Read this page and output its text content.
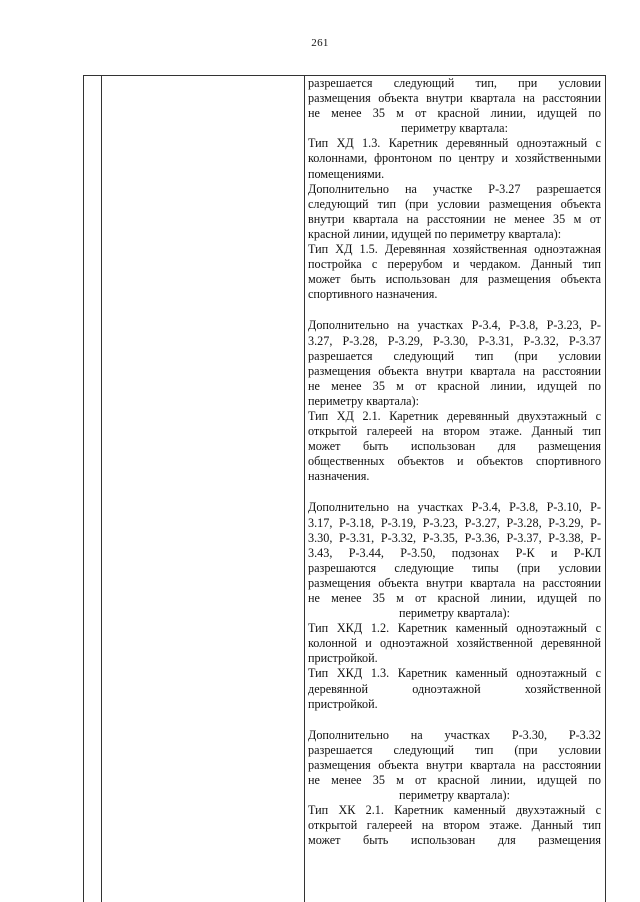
261
разрешается следующий тип, при условии
размещения объекта внутри квартала на расстоянии
не менее 35 м от красной линии, идущей по
периметру квартала:
Тип ХД 1.3. Каретник деревянный одноэтажный с
колоннами, фронтоном по центру и хозяйственными
помещениями.
Дополнительно на участке Р-3.27 разрешается
следующий тип (при условии размещения объекта
внутри квартала на расстоянии не менее 35 м от
красной линии, идущей по периметру квартала):
Тип ХД 1.5. Деревянная хозяйственная одноэтажная
постройка с перерубом и чердаком. Данный тип
может быть использован для размещения объекта
спортивного назначения.
Дополнительно на участках Р-3.4, Р-3.8, Р-3.23, Р-
3.27, Р-3.28, Р-3.29, Р-3.30, Р-3.31, Р-3.32, Р-3.37
разрешается следующий тип (при условии
размещения объекта внутри квартала на расстоянии
не менее 35 м от красной линии, идущей по
периметру квартала):
Тип ХД 2.1. Каретник деревянный двухэтажный с
открытой галереей на втором этаже. Данный тип
может быть использован для размещения
общественных объектов и объектов спортивного
назначения.
Дополнительно на участках Р-3.4, Р-3.8, Р-3.10, Р-
3.17, Р-3.18, Р-3.19, Р-3.23, Р-3.27, Р-3.28, Р-3.29, Р-
3.30, Р-3.31, Р-3.32, Р-3.35, Р-3.36, Р-3.37, Р-3.38, Р-
3.43, Р-3.44, Р-3.50, подзонах Р-К и Р-КЛ
разрешаются следующие типы (при условии
размещения объекта внутри квартала на расстоянии
не менее 35 м от красной линии, идущей по
периметру квартала):
Тип ХКД 1.2. Каретник каменный одноэтажный с
колонной и одноэтажной хозяйственной деревянной
пристройкой.
Тип ХКД 1.3. Каретник каменный одноэтажный с
деревянной одноэтажной хозяйственной
пристройкой.
Дополнительно на участках Р-3.30, Р-3.32
разрешается следующий тип (при условии
размещения объекта внутри квартала на расстоянии
не менее 35 м от красной линии, идущей по
периметру квартала):
Тип ХК 2.1. Каретник каменный двухэтажный с
открытой галереей на втором этаже. Данный тип
может быть использован для размещения
